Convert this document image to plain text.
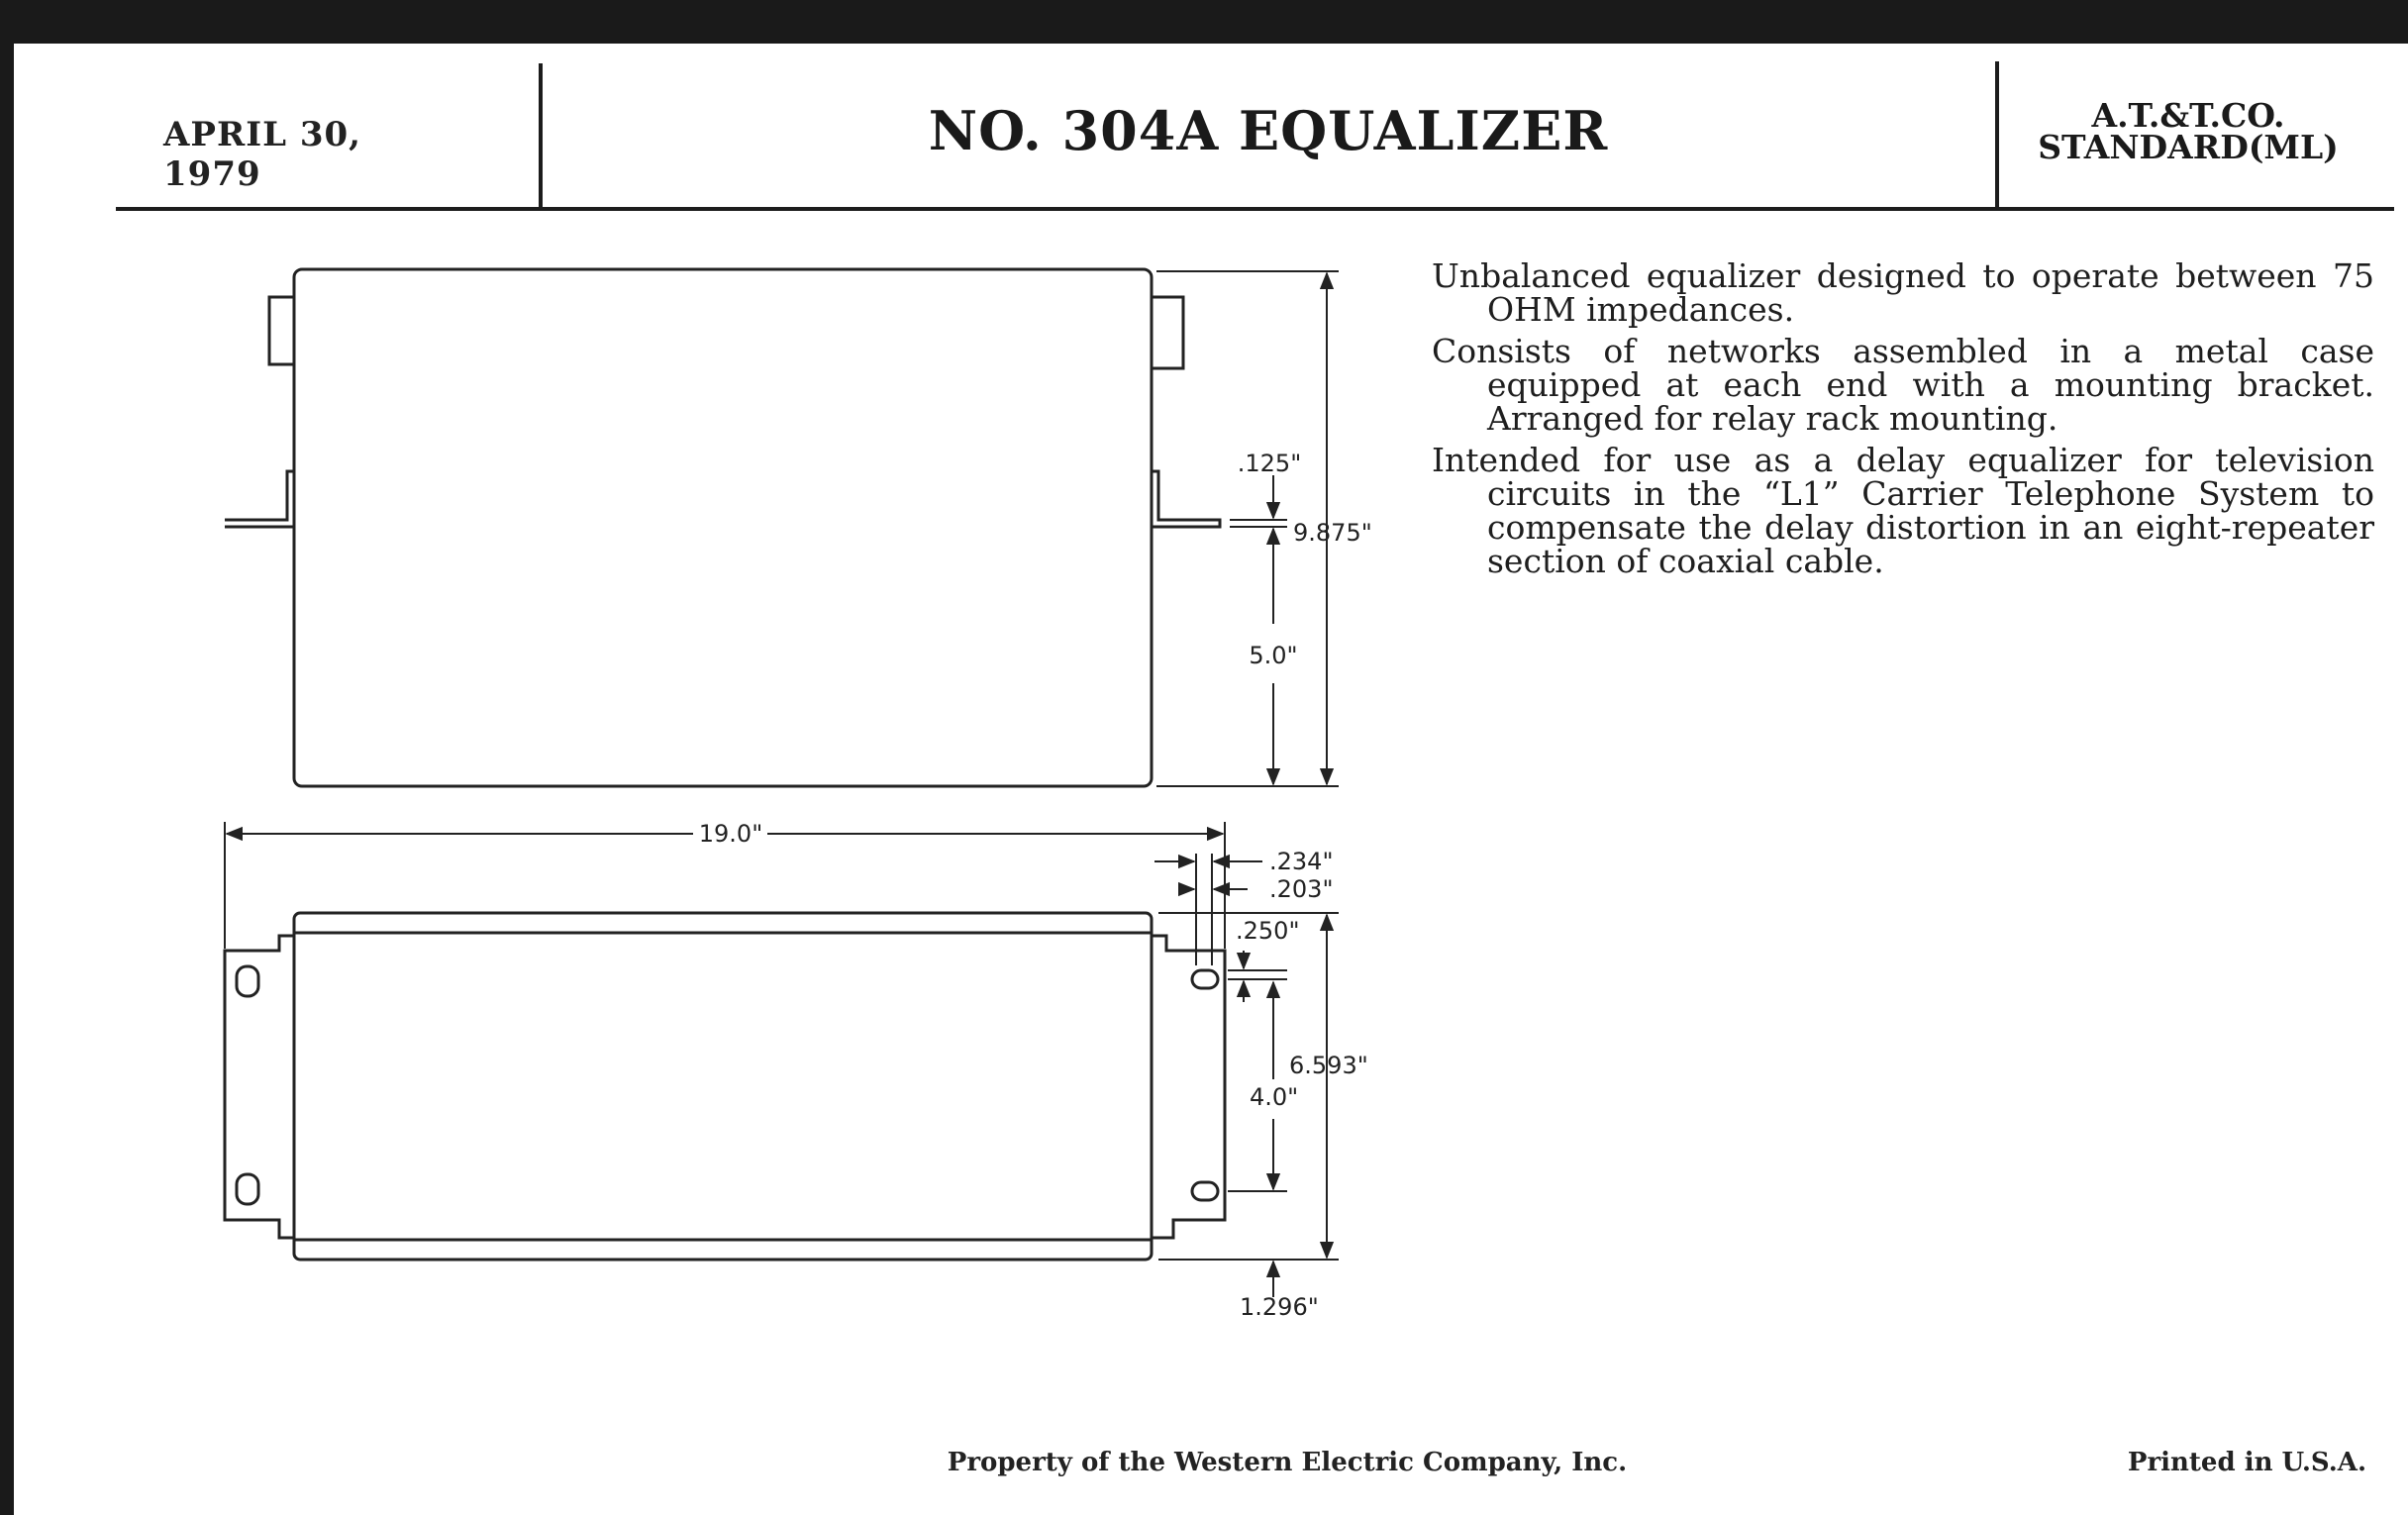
APRIL 30, 1979
NO. 304A EQUALIZER	A.T.&T.CO.
STANDARD(ML)

Unbalanced equalizer designed to operate between 75 OHM impedances.

Consists of networks assembled in a metal case equipped at each end with a mounting bracket. Arranged for relay rack mounting.

Intended for use as a delay equalizer for television circuits in the “L1” Carrier Telephone System to compensate the delay distortion in an eight-repeater section of coaxial cable.

.125"
9.875"
5.0"
19.0"
.234"
.203"
.250"
4.0"
6.593"
1.296"
Property of the Western Electric Company, Inc.	Printed in U.S.A.
